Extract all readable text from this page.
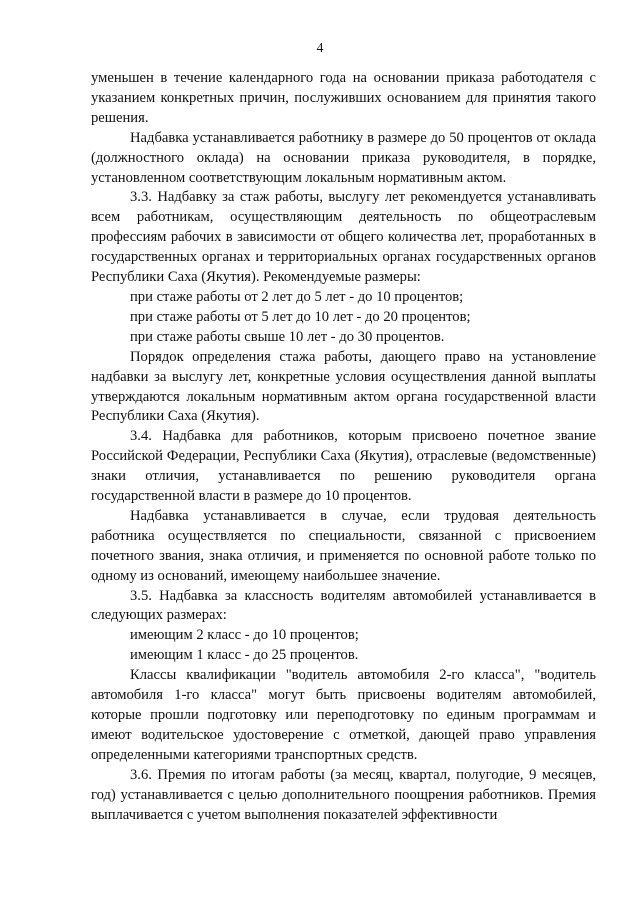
4

уменьшен в течение календарного года на основании приказа работодателя с указанием конкретных причин, послуживших основанием для принятия такого решения.

Надбавка устанавливается работнику в размере до 50 процентов от оклада (должностного оклада) на основании приказа руководителя, в порядке, установленном соответствующим локальным нормативным актом.

3.3. Надбавку за стаж работы, выслугу лет рекомендуется устанавливать всем работникам, осуществляющим деятельность по общеотраслевым профессиям рабочих в зависимости от общего количества лет, проработанных в государственных органах и территориальных органах государственных органов Республики Саха (Якутия). Рекомендуемые размеры:

при стаже работы от 2 лет до 5 лет - до 10 процентов;

при стаже работы от 5 лет до 10 лет - до 20 процентов;

при стаже работы свыше 10 лет - до 30 процентов.

Порядок определения стажа работы, дающего право на установление надбавки за выслугу лет, конкретные условия осуществления данной выплаты утверждаются локальным нормативным актом органа государственной власти Республики Саха (Якутия).

3.4. Надбавка для работников, которым присвоено почетное звание Российской Федерации, Республики Саха (Якутия), отраслевые (ведомственные) знаки отличия, устанавливается по решению руководителя органа государственной власти в размере до 10 процентов.

Надбавка устанавливается в случае, если трудовая деятельность работника осуществляется по специальности, связанной с присвоением почетного звания, знака отличия, и применяется по основной работе только по одному из оснований, имеющему наибольшее значение.

3.5. Надбавка за классность водителям автомобилей устанавливается в следующих размерах:

имеющим 2 класс - до 10 процентов;

имеющим 1 класс - до 25 процентов.

Классы квалификации "водитель автомобиля 2-го класса", "водитель автомобиля 1-го класса" могут быть присвоены водителям автомобилей, которые прошли подготовку или переподготовку по единым программам и имеют водительское удостоверение с отметкой, дающей право управления определенными категориями транспортных средств.

3.6. Премия по итогам работы (за месяц, квартал, полугодие, 9 месяцев, год) устанавливается с целью дополнительного поощрения работников. Премия выплачивается с учетом выполнения показателей эффективности
